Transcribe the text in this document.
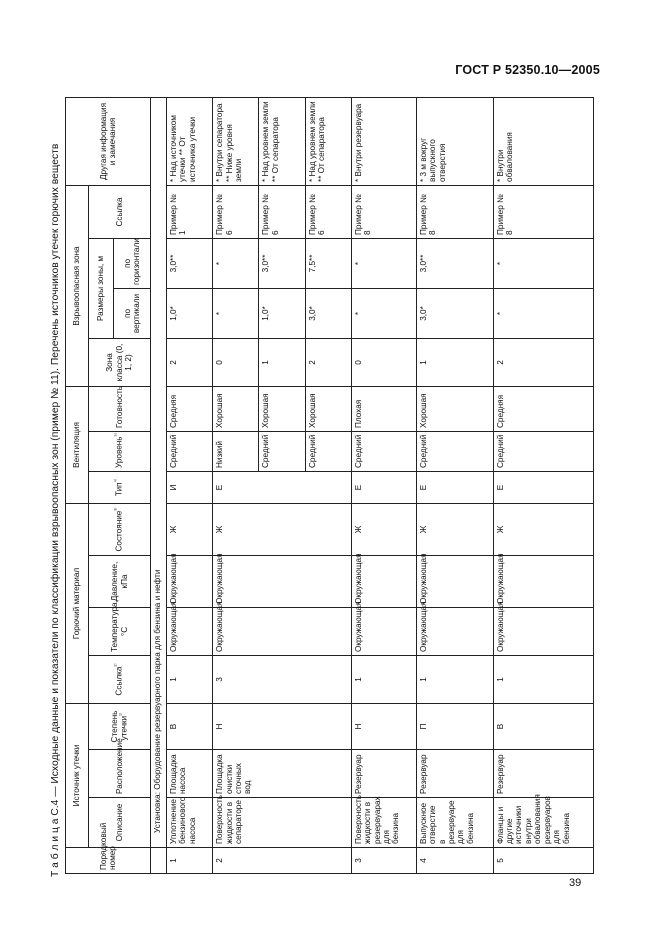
ГОСТ Р 52350.10—2005
Т а б л и ц а С.4 — Исходные данные и показатели по классификации взрывоопасных зон (пример № 11). Перечень источников утечек горючих веществ	Порядковый номер	Источник утечки			Горючий материал				Вентиляция			Взрывоопасная зона				Другая информация и замечания
	Описание	Расположение	Степень утечки$^{^{1)}}$	Ссылка$^{^{2)}}$	Температура, °С	Давление, кПа	Состояние$^{^{3)}}$	Тип$^{^{4)}}$	Уровень$^{^{5)}}$	Готовность	Зона класса (0, 1, 2)	Размеры зоны, м		Ссылка	
												по вертикали	по горизонтали		
	Установка: Оборудование резервуарного парка для бензина и нефти														
1	Уплотнение бензинового насоса	Площадка насоса	В	1	Окружающая	Окружающая	Ж	И	Средний	Средняя	2	1,0*	3,0**	Пример № 1	* Над источником утечки ** От источника утечки
2	Поверхность жидкости в сепараторе	Площадка очистки сточных вод	Н	3	Окружающая	Окружающая	Ж	Е	Низкий	Хорошая	0	*	*	Пример № 6	* Внутри сепаратора ** Ниже уровня земли
									Средний	Хорошая	1	1,0*	3,0**	Пример № 6	* Над уровнем земли ** От сепаратора
									Средний	Хорошая	2	3,0*	7,5**	Пример № 6	* Над уровнем земли ** От сепаратора
3	Поверхность жидкости в резервуарах для бензина	Резервуар	Н	1	Окружающая	Окружающая	Ж	Е	Средний	Плохая	0	*	*	Пример № 8	* Внутри резервуара
4	Выпускное отверстие в резервуаре для бензина	Резервуар	П	1	Окружающая	Окружающая	Ж	Е	Средний	Хорошая	1	3,0*	3,0**	Пример № 8	* 3 м вокруг выпускного отверстия
5	Фланцы и другие источники внутри обвалования резервуаров для бензина	Резервуар	В	1	Окружающая	Окружающая	Ж	Е	Средний	Средняя	2	*	*	Пример № 8	* Внутри обвалования
39
